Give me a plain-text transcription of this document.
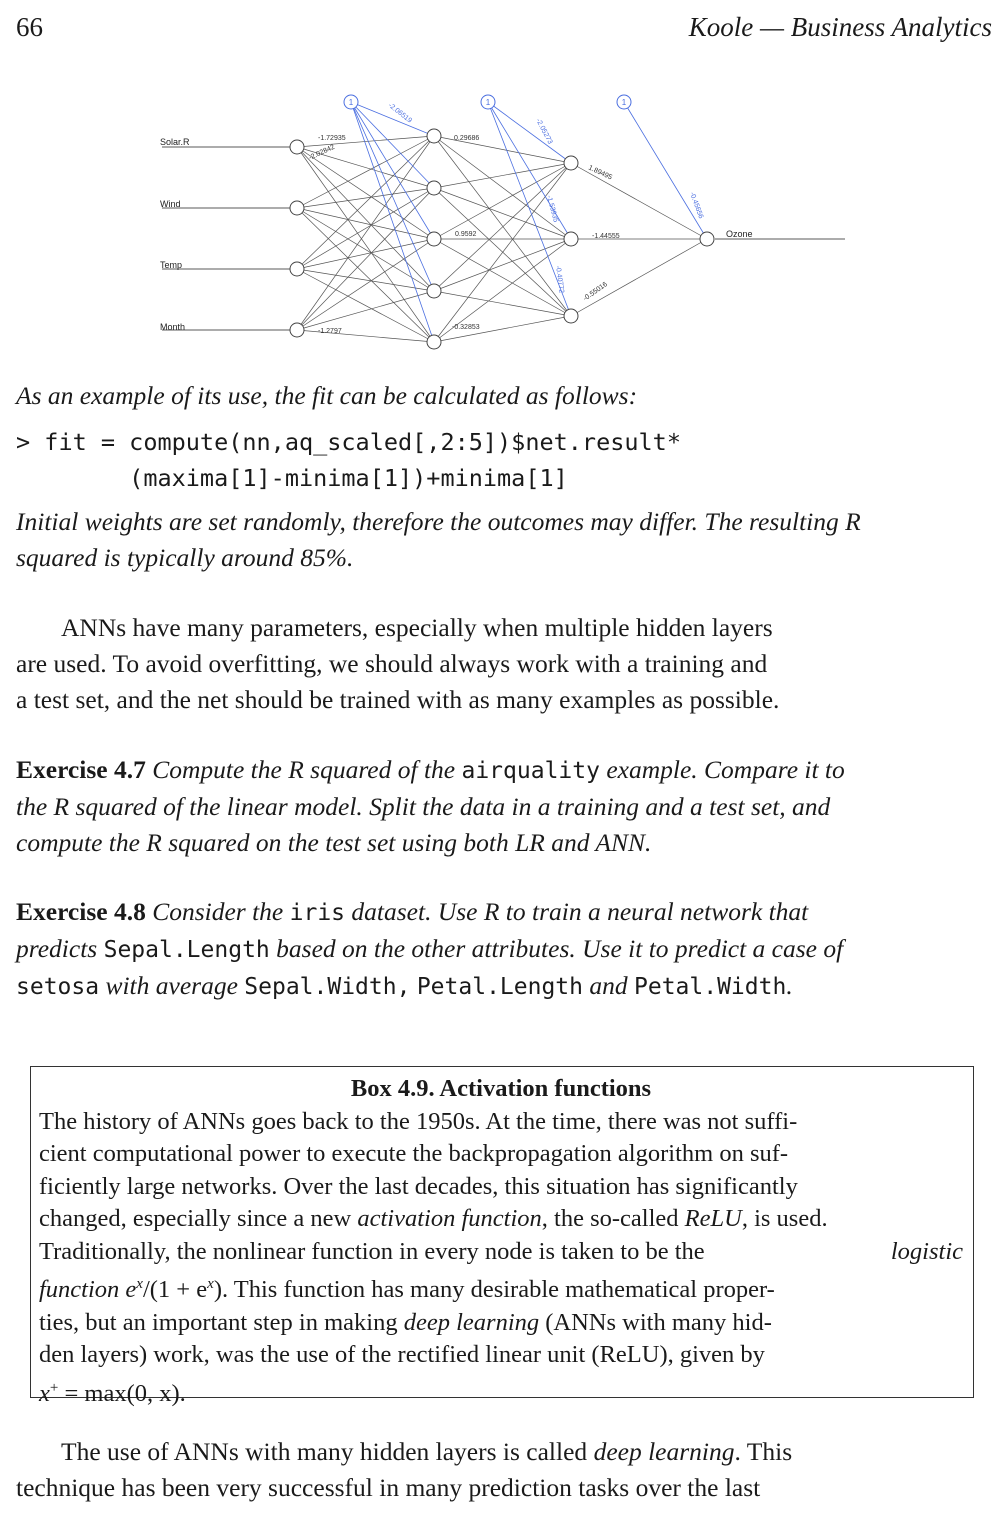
66	Koole — Business Analytics
Solar.R
Wind
Temp
Month
Ozone
1	1	1
-1.72935
-2.02842
0.29686
0.9592	-1.44555
-1.2797
-0.32853
-2.06519
-2.05273
-1.53935
-0.40772
-0.45656
1.89495
-0.55016
As an example of its use, the fit can be calculated as follows:
> fit = compute(nn,aq_scaled[,2:5])$net.result*
(maxima[1]-minima[1])+minima[1]
Initial weights are set randomly, therefore the outcomes may differ. The resulting R
squared is typically around 85%.
ANNs have many parameters, especially when multiple hidden layers
are used. To avoid overfitting, we should always work with a training and
a test set, and the net should be trained with as many examples as possible.
Exercise 4.7 Compute the R squared of the airquality example. Compare it to
the R squared of the linear model. Split the data in a training and a test set, and
compute the R squared on the test set using both LR and ANN.
Exercise 4.8 Consider the iris dataset. Use R to train a neural network that
predicts Sepal.Length based on the other attributes. Use it to predict a case of
setosa with average Sepal.Width, Petal.Length and Petal.Width.
Box 4.9. Activation functions
The history of ANNs goes back to the 1950s. At the time, there was not suffi-
cient computational power to execute the backpropagation algorithm on suf-
ficiently large networks. Over the last decades, this situation has significantly
changed, especially since a new activation function, the so-called ReLU, is used.
Traditionally, the nonlinear function in every node is taken to be the	logistic
function $e^x/(1 + e^x)$. This function has many desirable mathematical proper-
ties, but an important step in making deep learning (ANNs with many hid-
den layers) work, was the use of the rectified linear unit (ReLU), given by
x+ = max(0, x).
The use of ANNs with many hidden layers is called deep learning. This
technique has been very successful in many prediction tasks over the last
